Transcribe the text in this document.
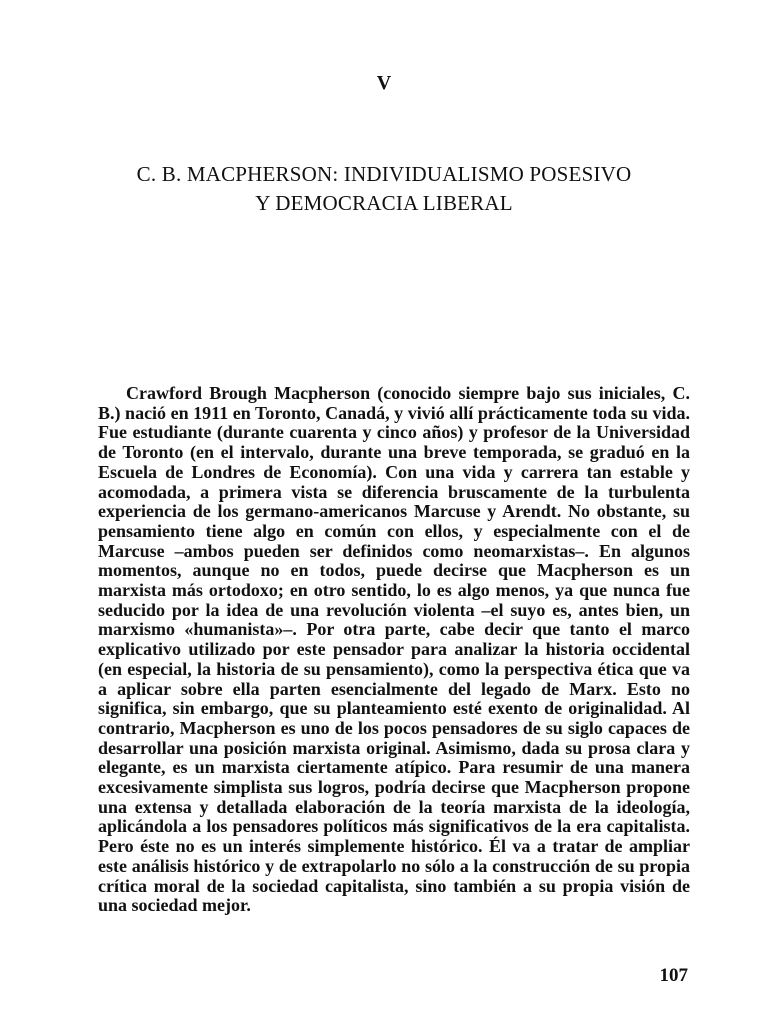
V
C. B. MACPHERSON: INDIVIDUALISMO POSESIVO
Y DEMOCRACIA LIBERAL
Crawford Brough Macpherson (conocido siempre bajo sus iniciales, C. B.) nació en 1911 en Toronto, Canadá, y vivió allí prácticamente toda su vida. Fue estudiante (durante cuarenta y cinco años) y profesor de la Universidad de Toronto (en el intervalo, durante una breve temporada, se graduó en la Escuela de Londres de Economía). Con una vida y carrera tan estable y acomodada, a primera vista se diferencia bruscamente de la turbulenta experiencia de los germano-americanos Marcuse y Arendt. No obstante, su pensamiento tiene algo en común con ellos, y especialmente con el de Marcuse –ambos pueden ser definidos como neomarxistas–. En algunos momentos, aunque no en todos, puede decirse que Macpherson es un marxista más ortodoxo; en otro sentido, lo es algo menos, ya que nunca fue seducido por la idea de una revolución violenta –el suyo es, antes bien, un marxismo «humanista»–. Por otra parte, cabe decir que tanto el marco explicativo utilizado por este pensador para analizar la historia occidental (en especial, la historia de su pensamiento), como la perspectiva ética que va a aplicar sobre ella parten esencialmente del legado de Marx. Esto no significa, sin embargo, que su planteamiento esté exento de originalidad. Al contrario, Macpherson es uno de los pocos pensadores de su siglo capaces de desarrollar una posición marxista original. Asimismo, dada su prosa clara y elegante, es un marxista ciertamente atípico. Para resumir de una manera excesivamente simplista sus logros, podría decirse que Macpherson propone una extensa y detallada elaboración de la teoría marxista de la ideología, aplicándola a los pensadores políticos más significativos de la era capitalista. Pero éste no es un interés simplemente histórico. Él va a tratar de ampliar este análisis histórico y de extrapolarlo no sólo a la construcción de su propia crítica moral de la sociedad capitalista, sino también a su propia visión de una sociedad mejor.
107
